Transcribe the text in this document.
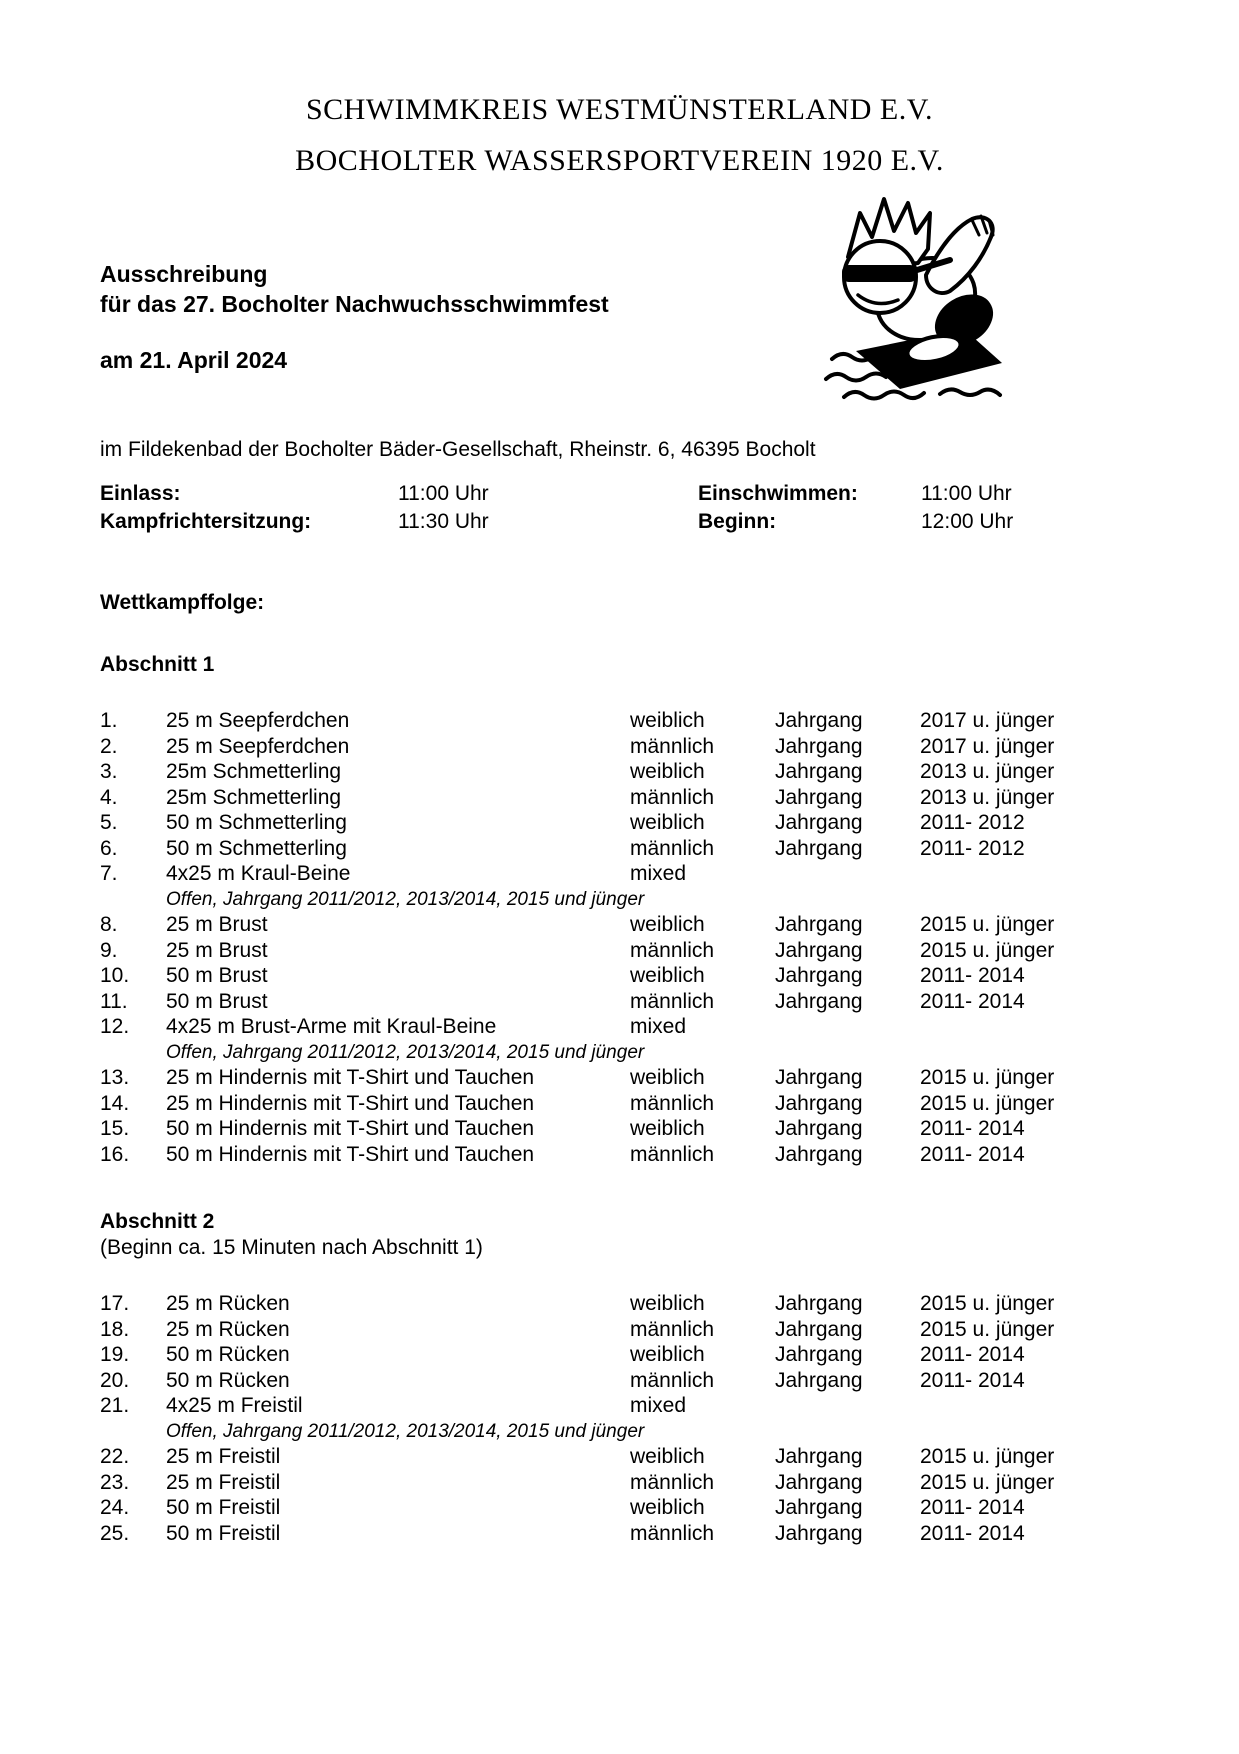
SCHWIMMKREIS WESTMÜNSTERLAND E.V.
BOCHOLTER WASSERSPORTVEREIN 1920 E.V.
Ausschreibung
für das 27. Bocholter Nachwuchsschwimmfest
am 21. April 2024
im Fildekenbad der Bocholter Bäder-Gesellschaft, Rheinstr. 6, 46395 Bocholt
Einlass:	11:00 Uhr	Einschwimmen:	11:00 Uhr
Kampfrichtersitzung:	11:30 Uhr	Beginn:	12:00 Uhr
Wettkampffolge:
Abschnitt 1
1.	25 m Seepferdchen	weiblich	Jahrgang	2017 u. jünger
2.	25 m Seepferdchen	männlich	Jahrgang	2017 u. jünger
3.	25m Schmetterling	weiblich	Jahrgang	2013 u. jünger
4.	25m Schmetterling	männlich	Jahrgang	2013 u. jünger
5.	50 m Schmetterling	weiblich	Jahrgang	2011- 2012
6.	50 m Schmetterling	männlich	Jahrgang	2011- 2012
7.	4x25 m Kraul-Beine	mixed
Offen, Jahrgang 2011/2012, 2013/2014, 2015 und jünger
8.	25 m Brust	weiblich	Jahrgang	2015 u. jünger
9.	25 m Brust	männlich	Jahrgang	2015 u. jünger
10.	50 m Brust	weiblich	Jahrgang	2011- 2014
11.	50 m Brust	männlich	Jahrgang	2011- 2014
12.	4x25 m Brust-Arme mit Kraul-Beine	mixed
Offen, Jahrgang 2011/2012, 2013/2014, 2015 und jünger
13.	25 m Hindernis mit T-Shirt und Tauchen	weiblich	Jahrgang	2015 u. jünger
14.	25 m Hindernis mit T-Shirt und Tauchen	männlich	Jahrgang	2015 u. jünger
15.	50 m Hindernis mit T-Shirt und Tauchen	weiblich	Jahrgang	2011- 2014
16.	50 m Hindernis mit T-Shirt und Tauchen	männlich	Jahrgang	2011- 2014
Abschnitt 2
(Beginn ca. 15 Minuten nach Abschnitt 1)
17.	25 m Rücken	weiblich	Jahrgang	2015 u. jünger
18.	25 m Rücken	männlich	Jahrgang	2015 u. jünger
19.	50 m Rücken	weiblich	Jahrgang	2011- 2014
20.	50 m Rücken	männlich	Jahrgang	2011- 2014
21.	4x25 m Freistil	mixed
Offen, Jahrgang 2011/2012, 2013/2014, 2015 und jünger
22.	25 m Freistil	weiblich	Jahrgang	2015 u. jünger
23.	25 m Freistil	männlich	Jahrgang	2015 u. jünger
24.	50 m Freistil	weiblich	Jahrgang	2011- 2014
25.	50 m Freistil	männlich	Jahrgang	2011- 2014
